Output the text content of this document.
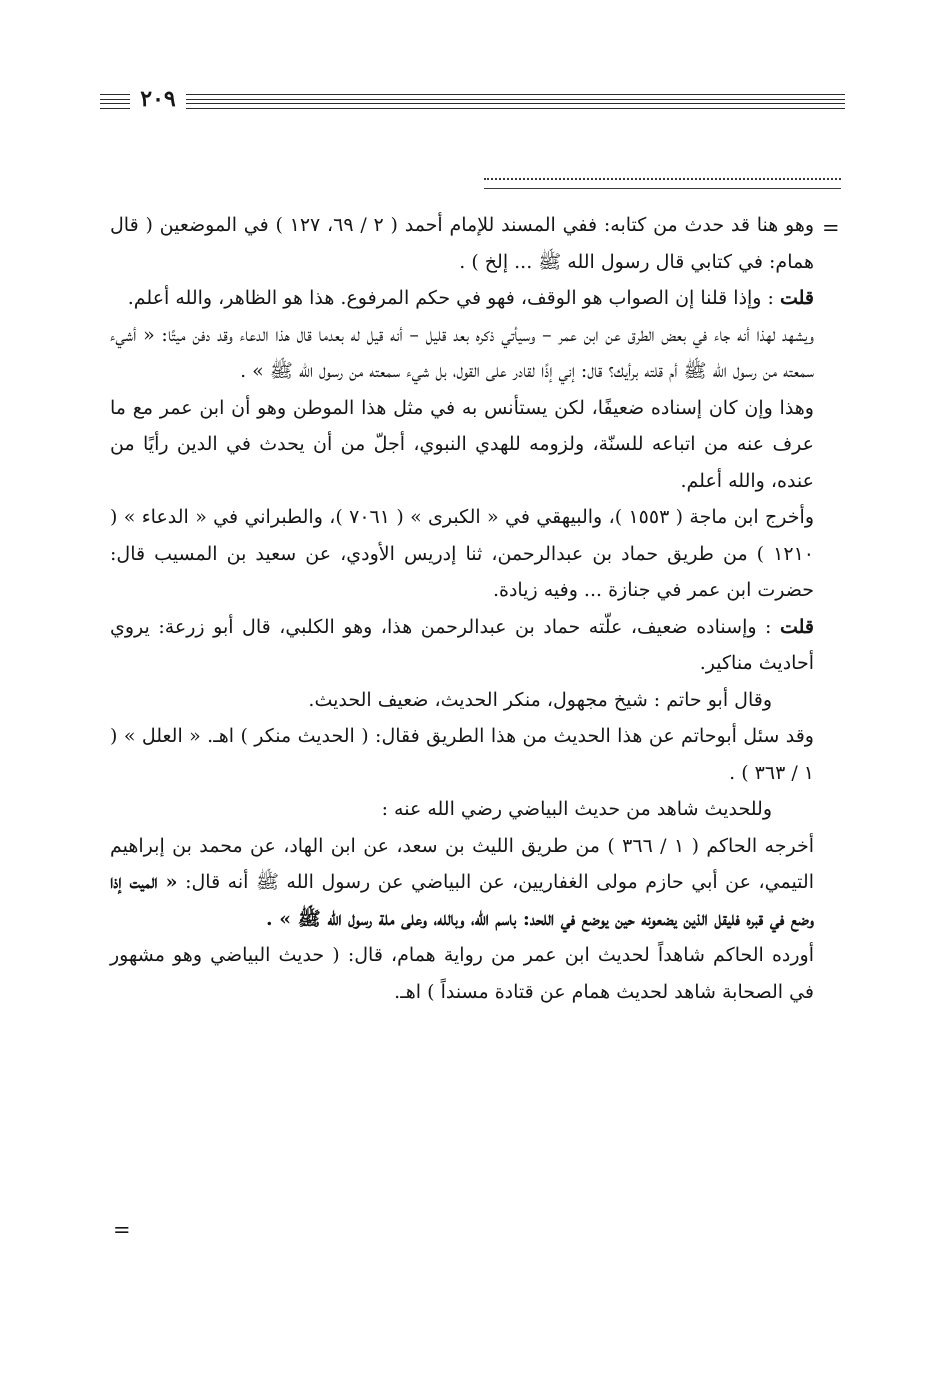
٢٠٩
=
=

وهو هنا قد حدث من كتابه: ففي المسند للإمام أحمد ( ٢ / ٦٩، ١٢٧ ) في الموضعين ( قال همام: في كتابي قال رسول الله ﷺ ... إلخ ) .

قلت : وإذا قلنا إن الصواب هو الوقف، فهو في حكم المرفوع. هذا هو الظاهر، والله أعلم.

ويشهد لهذا أنه جاء في بعض الطرق عن ابن عمر – وسيأتي ذكره بعد قليل – أنه قيل له بعدما قال هذا الدعاء وقد دفن ميتًا: « أشيء سمعته من رسول الله ﷺ أم قلته برأيك؟ قال: إني إذًا لقادر على القول، بل شيء سمعته من رسول الله ﷺ » .

وهذا وإن كان إسناده ضعيفًا، لكن يستأنس به في مثل هذا الموطن وهو أن ابن عمر مع ما عرف عنه من اتباعه للسنّة، ولزومه للهدي النبوي، أجلّ من أن يحدث في الدين رأيًا من عنده، والله أعلم.

وأخرج ابن ماجة ( ١٥٥٣ )، والبيهقي في « الكبرى » ( ٧٠٦١ )، والطبراني في « الدعاء » ( ١٢١٠ ) من طريق حماد بن عبدالرحمن، ثنا إدريس الأودي، عن سعيد بن المسيب قال: حضرت ابن عمر في جنازة ... وفيه زيادة.

قلت : وإسناده ضعيف، علّته حماد بن عبدالرحمن هذا، وهو الكلبي، قال أبو زرعة: يروي أحاديث مناكير.

وقال أبو حاتم : شيخ مجهول، منكر الحديث، ضعيف الحديث.

وقد سئل أبوحاتم عن هذا الحديث من هذا الطريق فقال: ( الحديث منكر ) اهـ. « العلل » ( ١ / ٣٦٣ ) .

وللحديث شاهد من حديث البياضي رضي الله عنه :

أخرجه الحاكم ( ١ / ٣٦٦ ) من طريق الليث بن سعد، عن ابن الهاد، عن محمد بن إبراهيم التيمي، عن أبي حازم مولى الغفاريين، عن البياضي عن رسول الله ﷺ أنه قال: « الميت إذا وضع في قبره فليقل الذين يضعونه حين يوضع في اللحد: باسم الله، وبالله، وعلى ملة رسول الله ﷺ » .

أورده الحاكم شاهداً لحديث ابن عمر من رواية همام، قال: ( حديث البياضي وهو مشهور في الصحابة شاهد لحديث همام عن قتادة مسنداً ) اهـ.
